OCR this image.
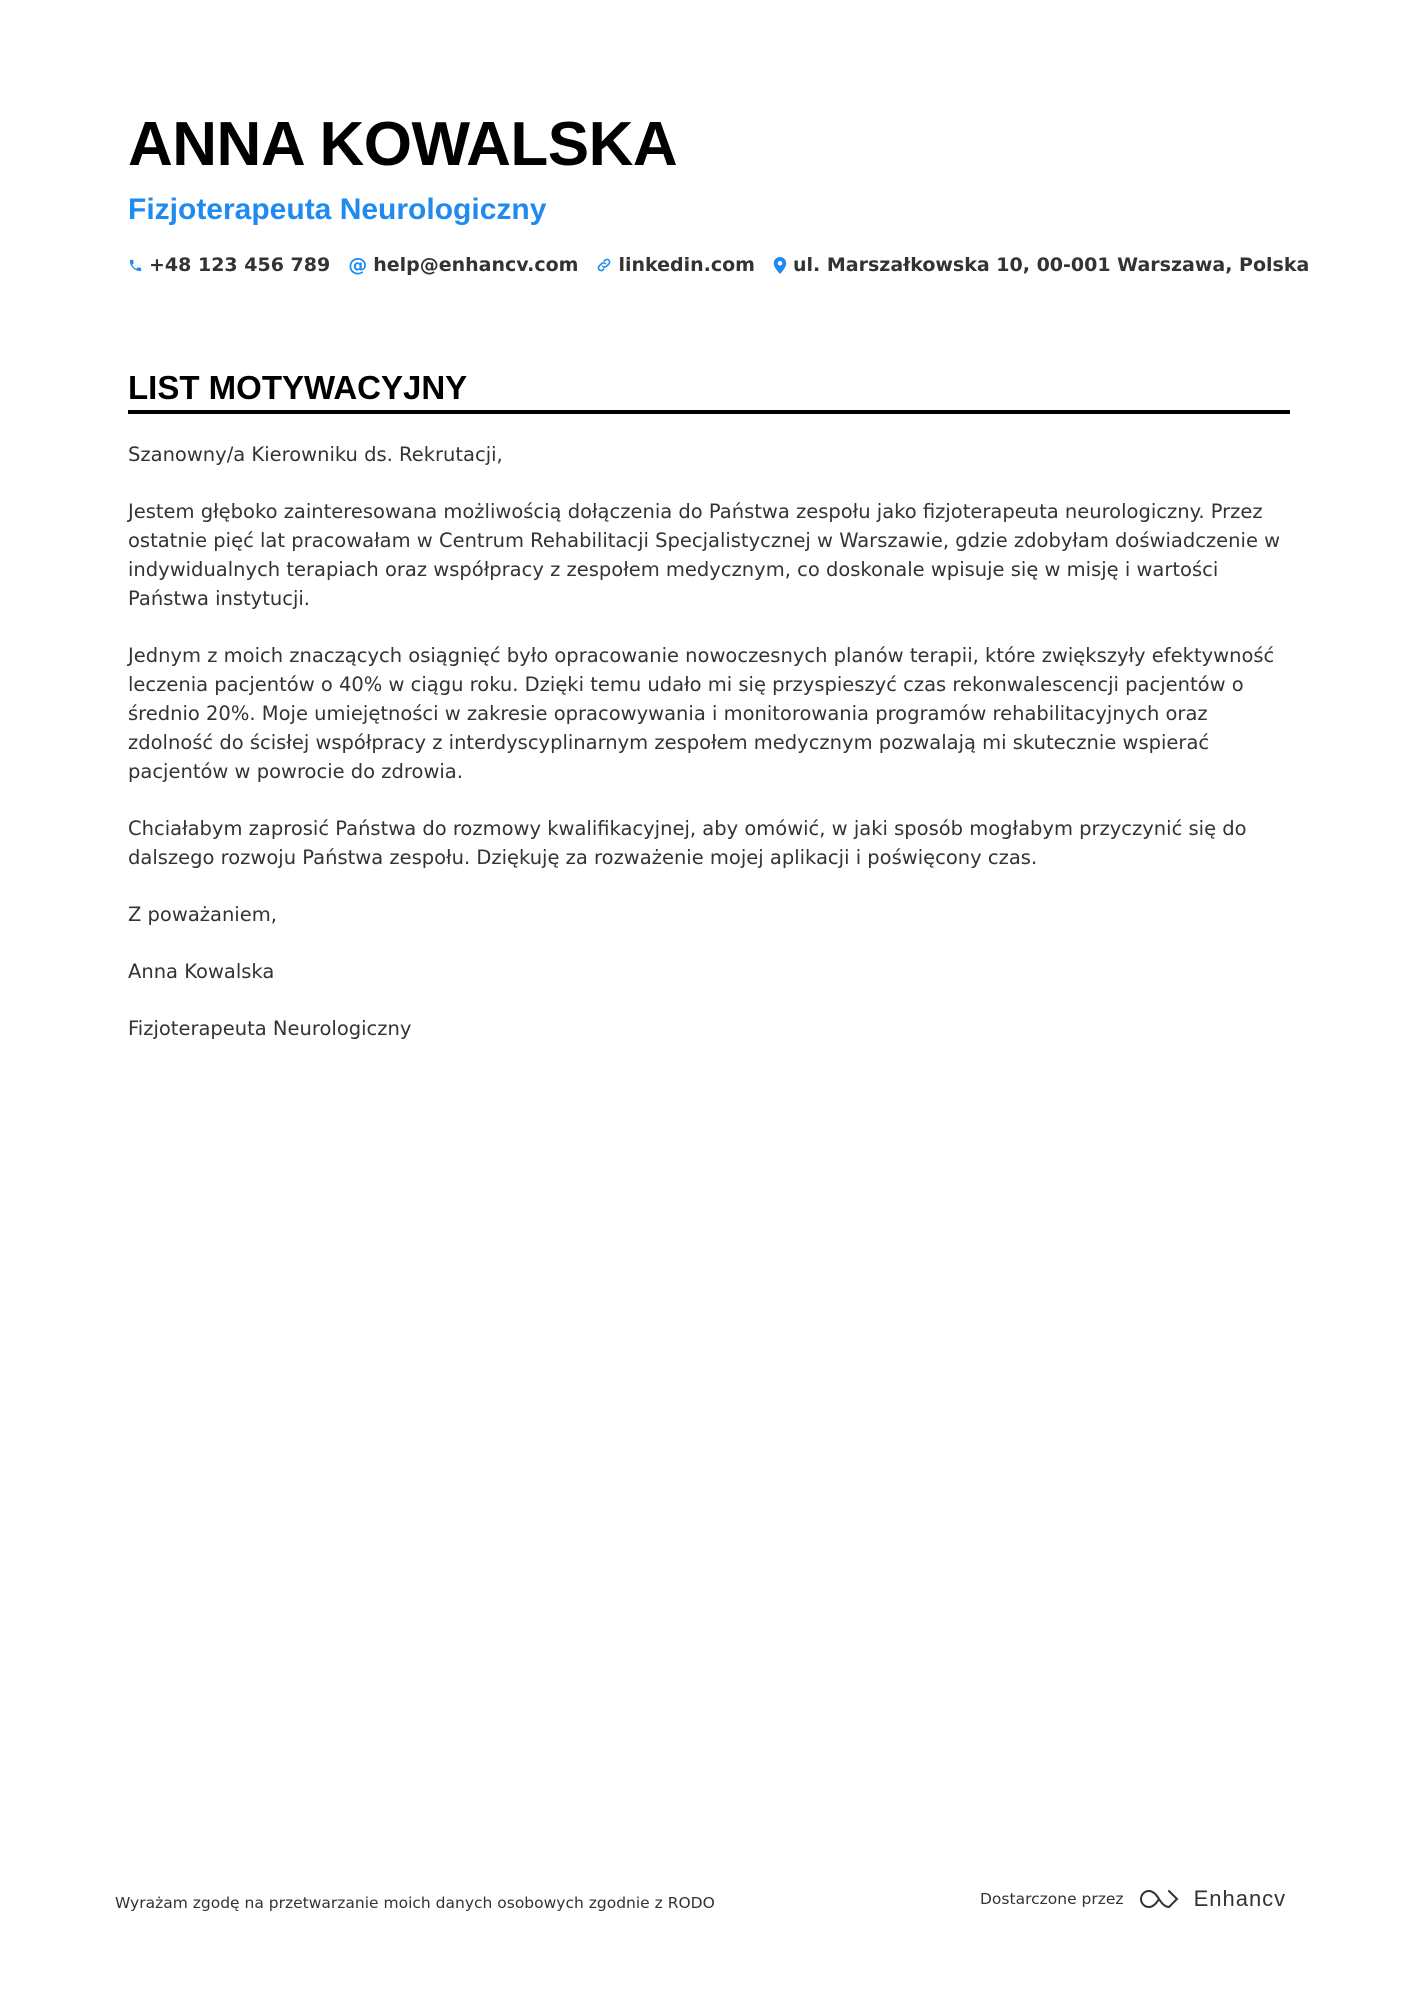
ANNA KOWALSKA
Fizjoterapeuta Neurologiczny
+48 123 456 789 @ help@enhancv.com linkedin.com ul. Marszałkowska 10, 00-001 Warszawa, Polska
LIST MOTYWACYJNY

Szanowny/a Kierowniku ds. Rekrutacji,

Jestem głęboko zainteresowana możliwością dołączenia do Państwa zespołu jako fizjoterapeuta neurologiczny. Przez ostatnie pięć lat pracowałam w Centrum Rehabilitacji Specjalistycznej w Warszawie, gdzie zdobyłam doświadczenie w indywidualnych terapiach oraz współpracy z zespołem medycznym, co doskonale wpisuje się w misję i wartości Państwa instytucji.

Jednym z moich znaczących osiągnięć było opracowanie nowoczesnych planów terapii, które zwiększyły efektywność leczenia pacjentów o 40% w ciągu roku. Dzięki temu udało mi się przyspieszyć czas rekonwalescencji pacjentów o średnio 20%. Moje umiejętności w zakresie opracowywania i monitorowania programów rehabilitacyjnych oraz zdolność do ścisłej współpracy z interdyscyplinarnym zespołem medycznym pozwalają mi skutecznie wspierać pacjentów w powrocie do zdrowia.

Chciałabym zaprosić Państwa do rozmowy kwalifikacyjnej, aby omówić, w jaki sposób mogłabym przyczynić się do dalszego rozwoju Państwa zespołu. Dziękuję za rozważenie mojej aplikacji i poświęcony czas.

Z poważaniem,

Anna Kowalska

Fizjoterapeuta Neurologiczny

Wyrażam zgodę na przetwarzanie moich danych osobowych zgodnie z RODO	Dostarczone przez	Enhancv
